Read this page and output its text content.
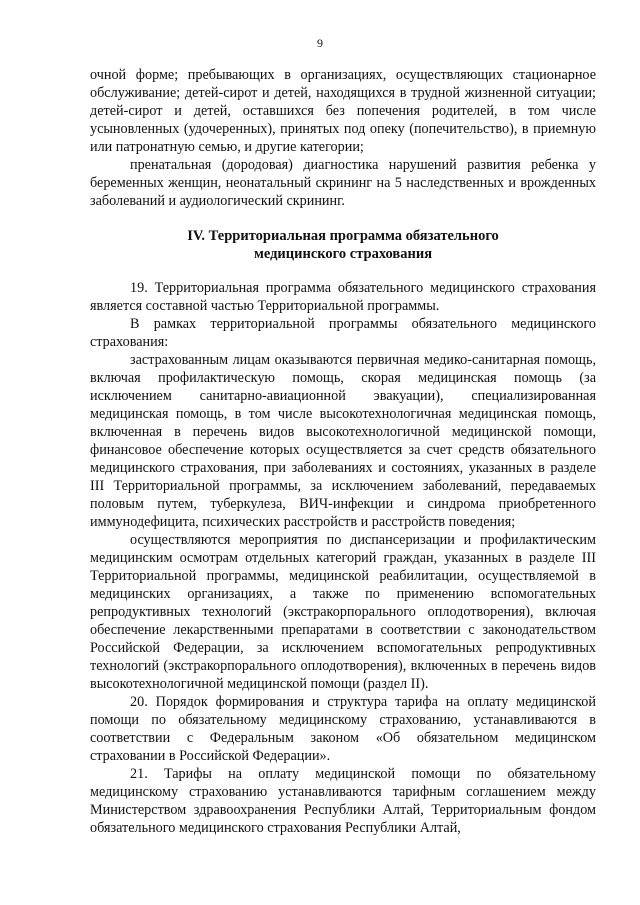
9

очной форме; пребывающих в организациях, осуществляющих стационарное обслуживание; детей-сирот и детей, находящихся в трудной жизненной ситуации; детей-сирот и детей, оставшихся без попечения родителей, в том числе усыновленных (удочеренных), принятых под опеку (попечительство), в приемную или патронатную семью, и другие категории;

пренатальная (дородовая) диагностика нарушений развития ребенка у беременных женщин, неонатальный скрининг на 5 наследственных и врожденных заболеваний и аудиологический скрининг.

IV. Территориальная программа обязательного
медицинского страхования

19. Территориальная программа обязательного медицинского страхования является составной частью Территориальной программы.

В рамках территориальной программы обязательного медицинского страхования:

застрахованным лицам оказываются первичная медико-санитарная помощь, включая профилактическую помощь, скорая медицинская помощь (за исключением санитарно-авиационной эвакуации), специализированная медицинская помощь, в том числе высокотехнологичная медицинская помощь, включенная в перечень видов высокотехнологичной медицинской помощи, финансовое обеспечение которых осуществляется за счет средств обязательного медицинского страхования, при заболеваниях и состояниях, указанных в разделе III Территориальной программы, за исключением заболеваний, передаваемых половым путем, туберкулеза, ВИЧ-инфекции и синдрома приобретенного иммунодефицита, психических расстройств и расстройств поведения;

осуществляются мероприятия по диспансеризации и профилактическим медицинским осмотрам отдельных категорий граждан, указанных в разделе III Территориальной программы, медицинской реабилитации, осуществляемой в медицинских организациях, а также по применению вспомогательных репродуктивных технологий (экстракорпорального оплодотворения), включая обеспечение лекарственными препаратами в соответствии с законодательством Российской Федерации, за исключением вспомогательных репродуктивных технологий (экстракорпорального оплодотворения), включенных в перечень видов высокотехнологичной медицинской помощи (раздел II).

20. Порядок формирования и структура тарифа на оплату медицинской помощи по обязательному медицинскому страхованию, устанавливаются в соответствии с Федеральным законом «Об обязательном медицинском страховании в Российской Федерации».

21. Тарифы на оплату медицинской помощи по обязательному медицинскому страхованию устанавливаются тарифным соглашением между Министерством здравоохранения Республики Алтай, Территориальным фондом обязательного медицинского страхования Республики Алтай,
